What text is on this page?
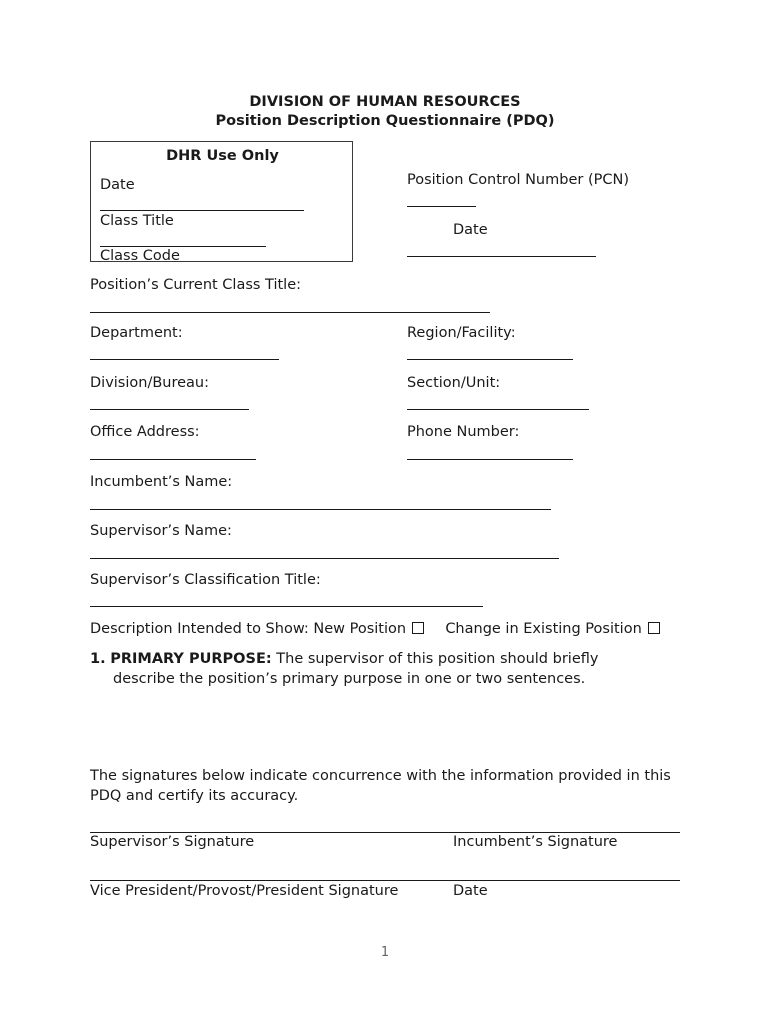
DIVISION OF HUMAN RESOURCES
Position Description Questionnaire (PDQ)
DHR Use Only
Date
Class Title
Class Code
Position Control Number (PCN)
Date
Position’s Current Class Title:
Department:	Region/Facility:
Division/Bureau:	Section/Unit:
Office Address:	Phone Number:
Incumbent’s Name:
Supervisor’s Name:
Supervisor’s Classification Title:
Description Intended to Show: New Position	Change in Existing Position
1. PRIMARY PURPOSE: The supervisor of this position should briefly
describe the position’s primary purpose in one or two sentences.
The signatures below indicate concurrence with the information provided in this PDQ and certify its accuracy.
Supervisor’s Signature	Incumbent’s Signature
Vice President/Provost/President Signature	Date
1
